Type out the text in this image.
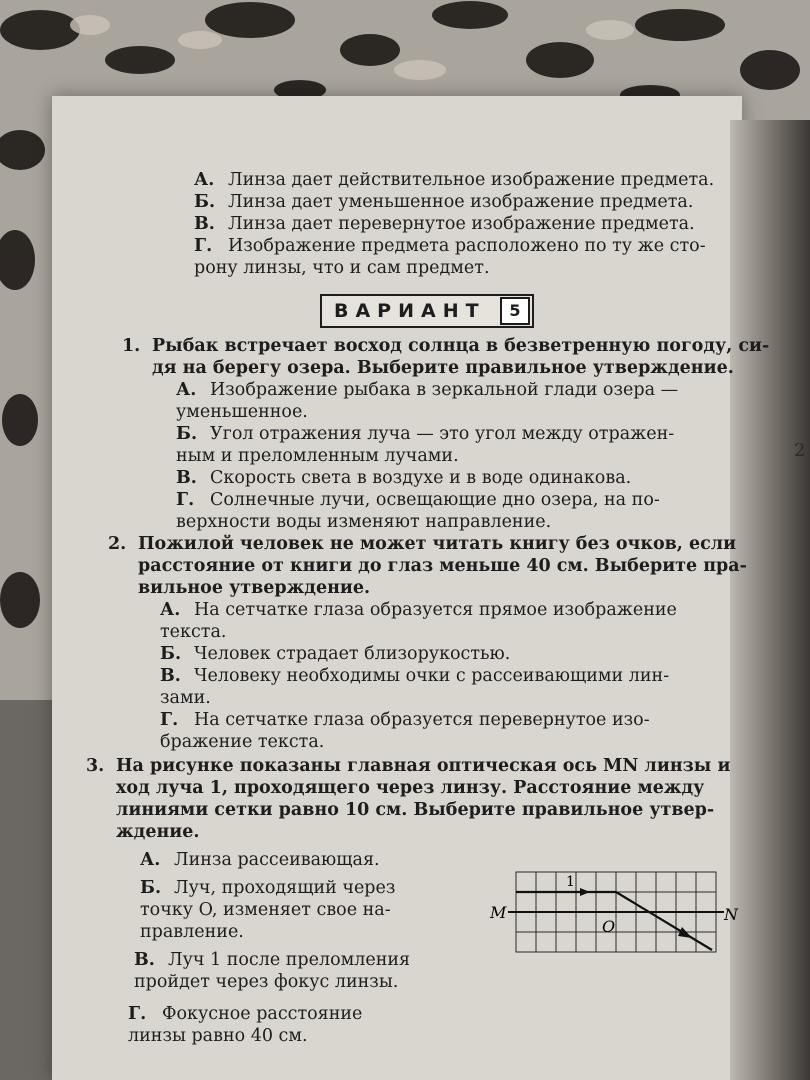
2
А. Линза дает действительное изображение предмета.
Б. Линза дает уменьшенное изображение предмета.
В. Линза дает перевернутое изображение предмета.
Г. Изображение предмета расположено по ту же сто-
рону линзы, что и сам предмет.
ВАРИАНТ	5
1. Рыбак встречает восход солнца в безветренную погоду, си-
дя на берегу озера. Выберите правильное утверждение.
А. Изображение рыбака в зеркальной глади озера —
уменьшенное.
Б. Угол отражения луча — это угол между отражен-
ным и преломленным лучами.
В. Скорость света в воздухе и в воде одинакова.
Г. Солнечные лучи, освещающие дно озера, на по-
верхности воды изменяют направление.
2. Пожилой человек не может читать книгу без очков, если
расстояние от книги до глаз меньше 40 см. Выберите пра-
вильное утверждение.
А. На сетчатке глаза образуется прямое изображение
текста.
Б. Человек страдает близорукостью.
В. Человеку необходимы очки с рассеивающими лин-
зами.
Г. На сетчатке глаза образуется перевернутое изо-
бражение текста.
3. На рисунке показаны главная оптическая ось MN линзы и
ход луча 1, проходящего через линзу. Расстояние между
линиями сетки равно 10 см. Выберите правильное утвер-
ждение.
А. Линза рассеивающая.
Б. Луч, проходящий через
точку O, изменяет свое на-
правление.
В. Луч 1 после преломления
пройдет через фокус линзы.
Г. Фокусное расстояние
линзы равно 40 см.
1
M	N
O
